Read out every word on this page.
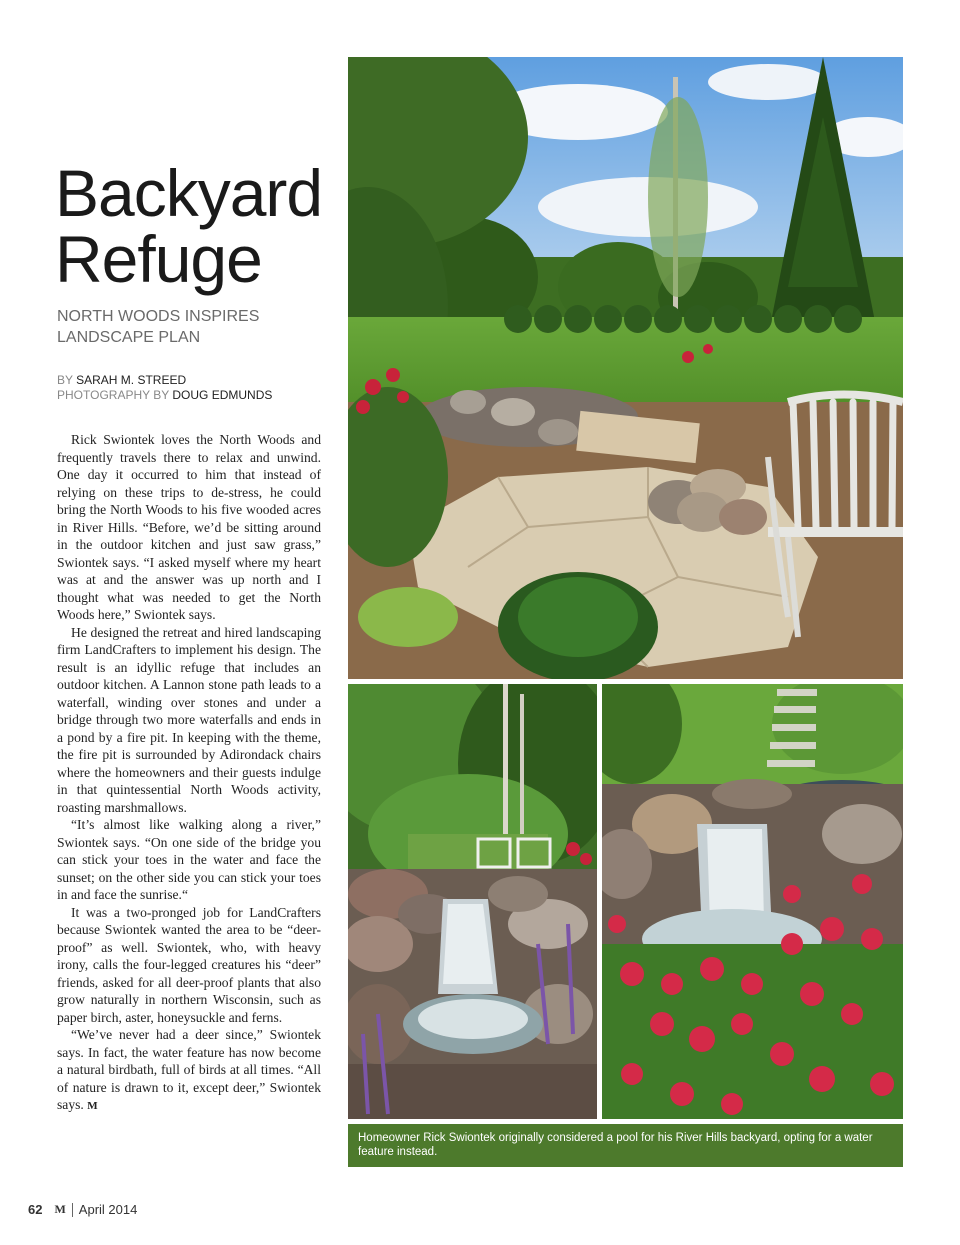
Backyard
Refuge
NORTH WOODS INSPIRES
LANDSCAPE PLAN
BY SARAH M. STREED
PHOTOGRAPHY BY DOUG EDMUNDS

Rick Swiontek loves the North Woods and frequently travels there to relax and unwind. One day it occurred to him that instead of relying on these trips to de-stress, he could bring the North Woods to his five wooded acres in River Hills. “Before, we’d be sitting around in the outdoor kitchen and just saw grass,” Swiontek says. “I asked myself where my heart was at and the answer was up north and I thought what was needed to get the North Woods here,” Swiontek says.

He designed the retreat and hired landscaping firm LandCrafters to implement his design. The result is an idyllic refuge that includes an outdoor kitchen. A Lannon stone path leads to a waterfall, winding over stones and under a bridge through two more waterfalls and ends in a pond by a fire pit. In keeping with the theme, the fire pit is surrounded by Adirondack chairs where the homeowners and their guests indulge in that quintessential North Woods activity, roasting marshmallows.

“It’s almost like walking along a river,” Swiontek says. “On one side of the bridge you can stick your toes in the water and face the sunset; on the other side you can stick your toes in and face the sunrise.“

It was a two-pronged job for LandCrafters because Swiontek wanted the area to be “deer-proof” as well. Swiontek, who, with heavy irony, calls the four-legged creatures his “deer” friends, asked for all deer-proof plants that also grow naturally in northern Wisconsin, such as paper birch, aster, honeysuckle and ferns.

“We’ve never had a deer since,” Swiontek says. In fact, the water feature has now become a natural birdbath, full of birds at all times. “All of nature is drawn to it, except deer,” Swiontek says. M

Homeowner Rick Swiontek originally considered a pool for his River Hills backyard, opting for a water feature instead.
62 M April 2014
